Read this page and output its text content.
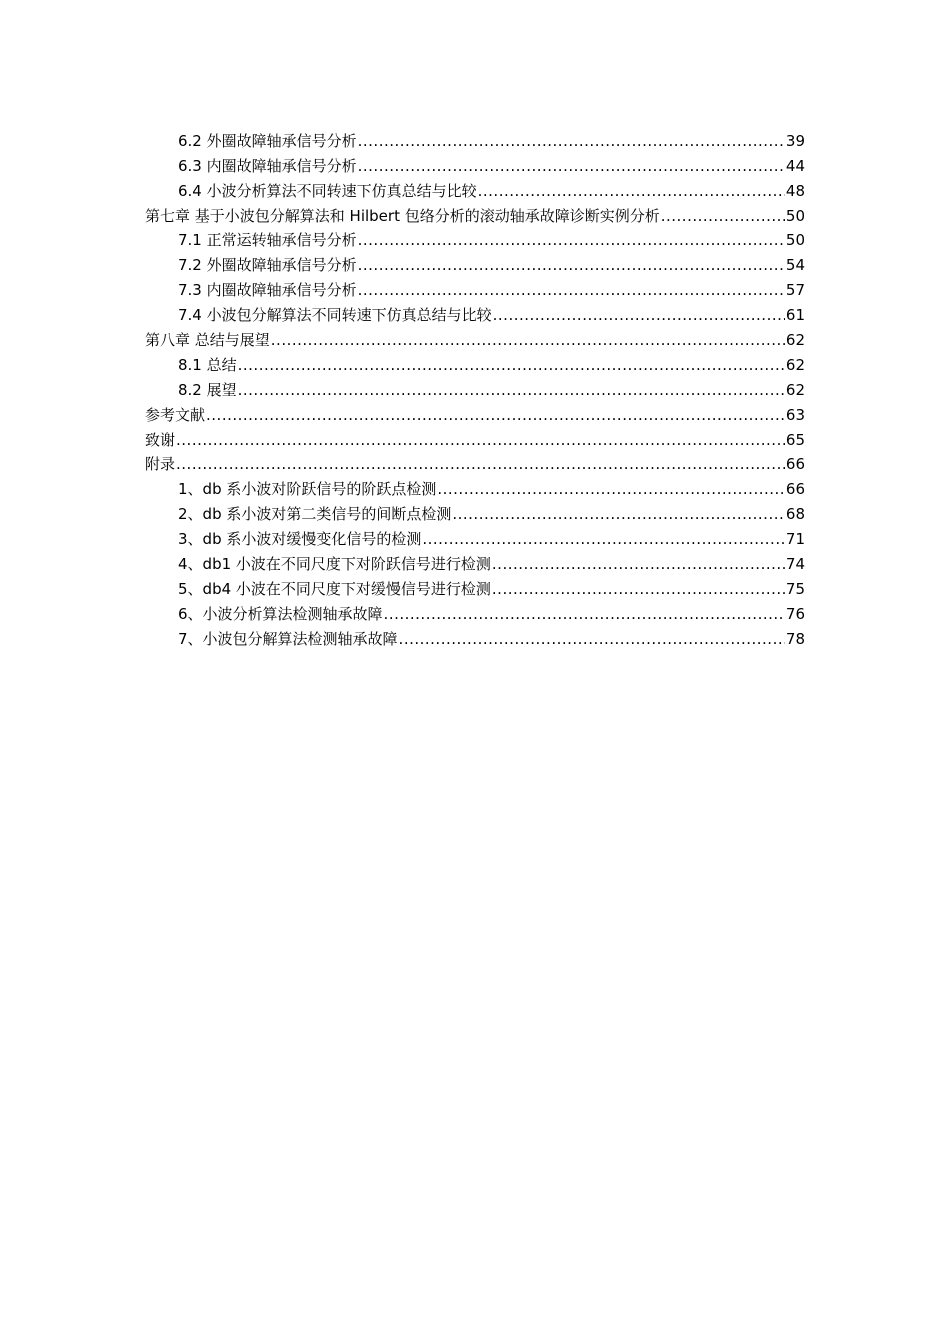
6.2 外圈故障轴承信号分析 .....	39
6.3 内圈故障轴承信号分析 .....	44
6.4 小波分析算法不同转速下仿真总结与比较 .....	48
第七章 基于小波包分解算法和 Hilbert 包络分析的滚动轴承故障诊断实例分析 .....	50
7.1 正常运转轴承信号分析 .....	50
7.2 外圈故障轴承信号分析 .....	54
7.3 内圈故障轴承信号分析 .....	57
7.4 小波包分解算法不同转速下仿真总结与比较 .....	61
第八章 总结与展望 .....	62
8.1 总结 .....	62
8.2 展望 .....	62
参考文献 .....	63
致谢 .....	65
附录 .....	66
1、db 系小波对阶跃信号的阶跃点检测 .....	66
2、db 系小波对第二类信号的间断点检测 .....	68
3、db 系小波对缓慢变化信号的检测 .....	71
4、db1 小波在不同尺度下对阶跃信号进行检测 .....	74
5、db4 小波在不同尺度下对缓慢信号进行检测 .....	75
6、小波分析算法检测轴承故障 .....	76
7、小波包分解算法检测轴承故障 .....	78
